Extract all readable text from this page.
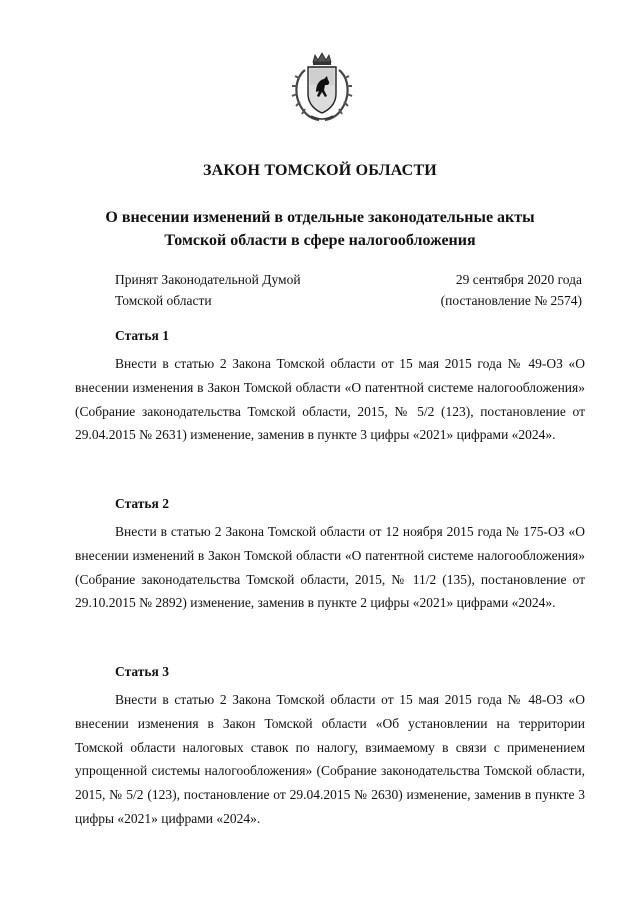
ЗАКОН ТОМСКОЙ ОБЛАСТИ
О внесении изменений в отдельные законодательные акты
Томской области в сфере налогообложения
Принят Законодательной Думой
Томской области
29 сентября 2020 года
(постановление № 2574)
Статья 1

Внести в статью 2 Закона Томской области от 15 мая 2015 года № 49-ОЗ «О внесении изменения в Закон Томской области «О патентной системе налогообложения» (Собрание законодательства Томской области, 2015, № 5/2 (123), постановление от 29.04.2015 № 2631) изменение, заменив в пункте 3 цифры «2021» цифрами «2024».

Статья 2

Внести в статью 2 Закона Томской области от 12 ноября 2015 года № 175-ОЗ «О внесении изменений в Закон Томской области «О патентной системе налогообложения» (Собрание законодательства Томской области, 2015, № 11/2 (135), постановление от 29.10.2015 № 2892) изменение, заменив в пункте 2 цифры «2021» цифрами «2024».

Статья 3

Внести в статью 2 Закона Томской области от 15 мая 2015 года № 48-ОЗ «О внесении изменения в Закон Томской области «Об установлении на территории Томской области налоговых ставок по налогу, взимаемому в связи с применением упрощенной системы налогообложения» (Собрание законодательства Томской области, 2015, № 5/2 (123), постановление от 29.04.2015 № 2630) изменение, заменив в пункте 3 цифры «2021» цифрами «2024».
